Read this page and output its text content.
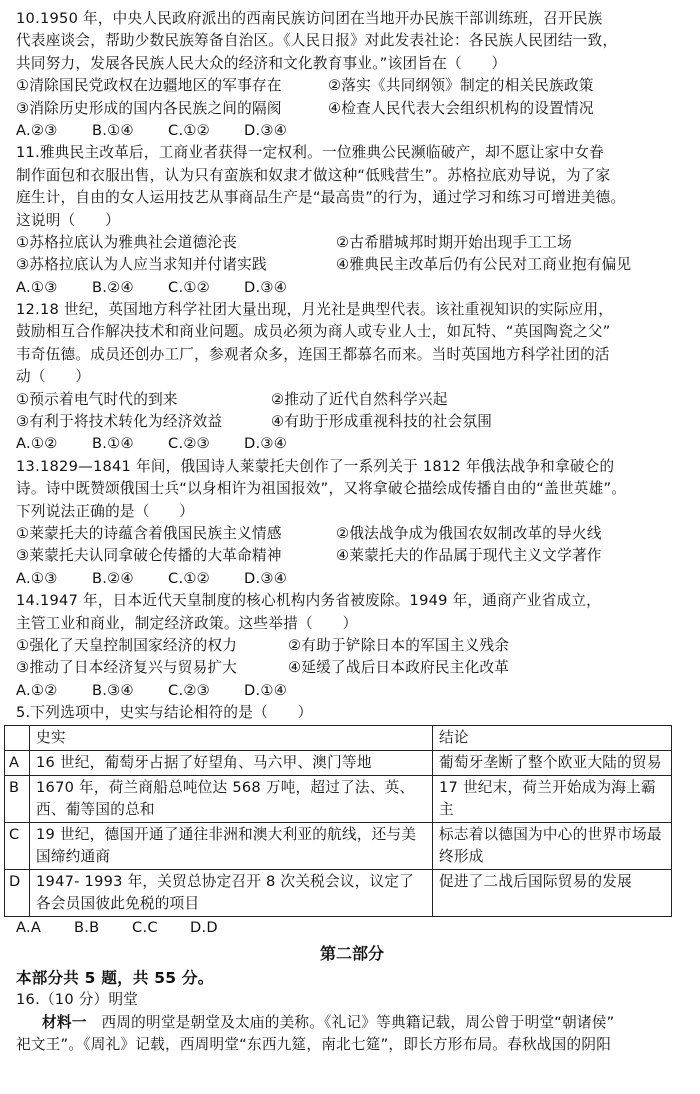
10.1950 年，中央人民政府派出的西南民族访问团在当地开办民族干部训练班，召开民族
代表座谈会，帮助少数民族筹备自治区。《人民日报》对此发表社论：各民族人民团结一致，
共同努力，发展各民族人民大众的经济和文化教育事业。”该团旨在（　　）
①清除国民党政权在边疆地区的军事存在	②落实《共同纲领》制定的相关民族政策
③消除历史形成的国内各民族之间的隔阂	④检查人民代表大会组织机构的设置情况
A.②③	B.①④	C.①②	D.③④
11.雅典民主改革后，工商业者获得一定权利。一位雅典公民濒临破产，却不愿让家中女眷
制作面包和衣服出售，认为只有蛮族和奴隶才做这种“低贱营生”。苏格拉底劝导说，为了家
庭生计，自由的女人运用技艺从事商品生产是“最高贵”的行为，通过学习和练习可增进美德。
这说明（　　）
①苏格拉底认为雅典社会道德沦丧	②古希腊城邦时期开始出现手工工场
③苏格拉底认为人应当求知并付诸实践	④雅典民主改革后仍有公民对工商业抱有偏见
A.①③	B.②④	C.①②	D.③④
12.18 世纪，英国地方科学社团大量出现，月光社是典型代表。该社重视知识的实际应用，
鼓励相互合作解决技术和商业问题。成员必须为商人或专业人士，如瓦特、“英国陶瓷之父”
韦奇伍德。成员还创办工厂，参观者众多，连国王都慕名而来。当时英国地方科学社团的活
动（　　）
①预示着电气时代的到来	②推动了近代自然科学兴起
③有利于将技术转化为经济效益	④有助于形成重视科技的社会氛围
A.①②	B.①④	C.②③	D.③④
13.1829—1841 年间，俄国诗人莱蒙托夫创作了一系列关于 1812 年俄法战争和拿破仑的
诗。诗中既赞颂俄国士兵“以身相许为祖国报效”，又将拿破仑描绘成传播自由的“盖世英雄”。
下列说法正确的是（　　）
①莱蒙托夫的诗蕴含着俄国民族主义情感	②俄法战争成为俄国农奴制改革的导火线
③莱蒙托夫认同拿破仑传播的大革命精神	④莱蒙托夫的作品属于现代主义文学著作
A.①③	B.②④	C.①②	D.③④
14.1947 年，日本近代天皇制度的核心机构内务省被废除。1949 年，通商产业省成立，
主管工业和商业，制定经济政策。这些举措（　　）
①强化了天皇控制国家经济的权力	②有助于铲除日本的军国主义残余
③推动了日本经济复兴与贸易扩大	④延缓了战后日本政府民主化改革
A.①②	B.③④	C.②③	D.①④
5.下列选项中，史实与结论相符的是（　　）
	史实	结论
A	16 世纪，葡萄牙占据了好望角、马六甲、澳门等地	葡萄牙垄断了整个欧亚大陆的贸易
B	1670 年，荷兰商船总吨位达 568 万吨，超过了法、英、西、葡等国的总和	17 世纪末，荷兰开始成为海上霸主
C	19 世纪，德国开通了通往非洲和澳大利亚的航线，还与美国缔约通商	标志着以德国为中心的世界市场最终形成
D	1947- 1993 年，关贸总协定召开 8 次关税会议，议定了各会员国彼此免税的项目	促进了二战后国际贸易的发展
A.A	B.B	C.C	D.D
第二部分
本部分共 5 题，共 55 分。
16.（10 分）明堂
材料一 西周的明堂是朝堂及太庙的美称。《礼记》等典籍记载，周公曾于明堂“朝诸侯”
祀文王”。《周礼》记载，西周明堂“东西九筵，南北七筵”，即长方形布局。春秋战国的阴阳
